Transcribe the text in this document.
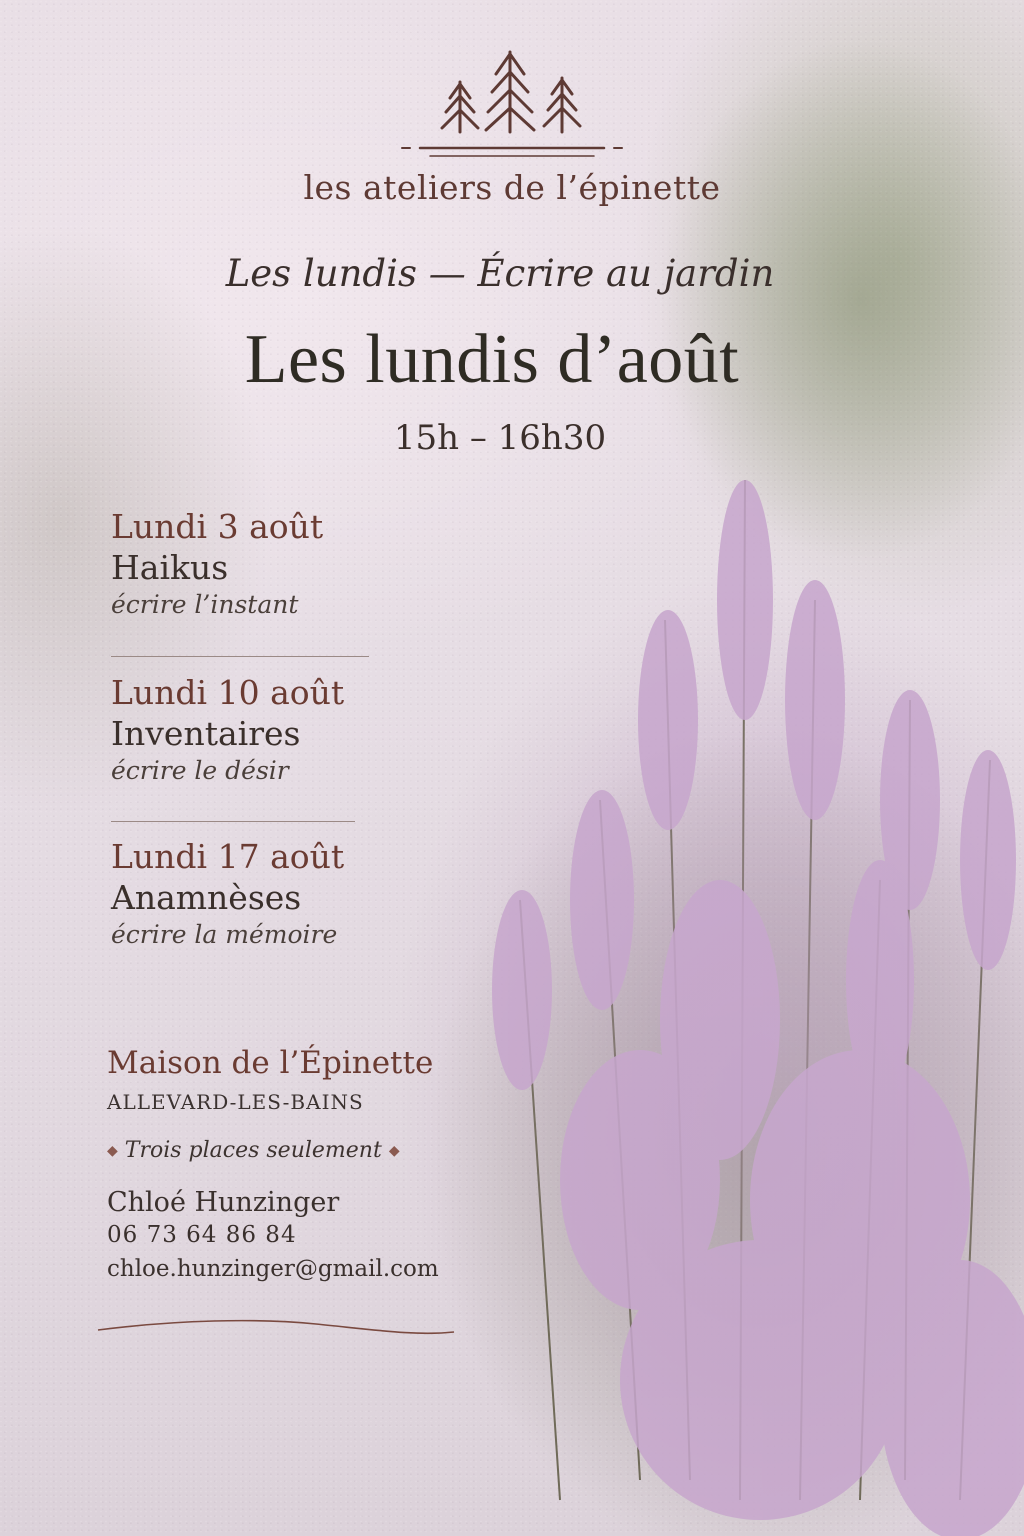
les ateliers de l’épinette
Les lundis — Écrire au jardin
Les lundis d’août
15h – 16h30
Lundi 3 août
Haikus
écrire l’instant
Lundi 10 août
Inventaires
écrire le désir
Lundi 17 août
Anamnèses
écrire la mémoire
Maison de l’Épinette
ALLEVARD-LES-BAINS
◆ Trois places seulement ◆
Chloé Hunzinger
06 73 64 86 84
chloe.hunzinger@gmail.com
